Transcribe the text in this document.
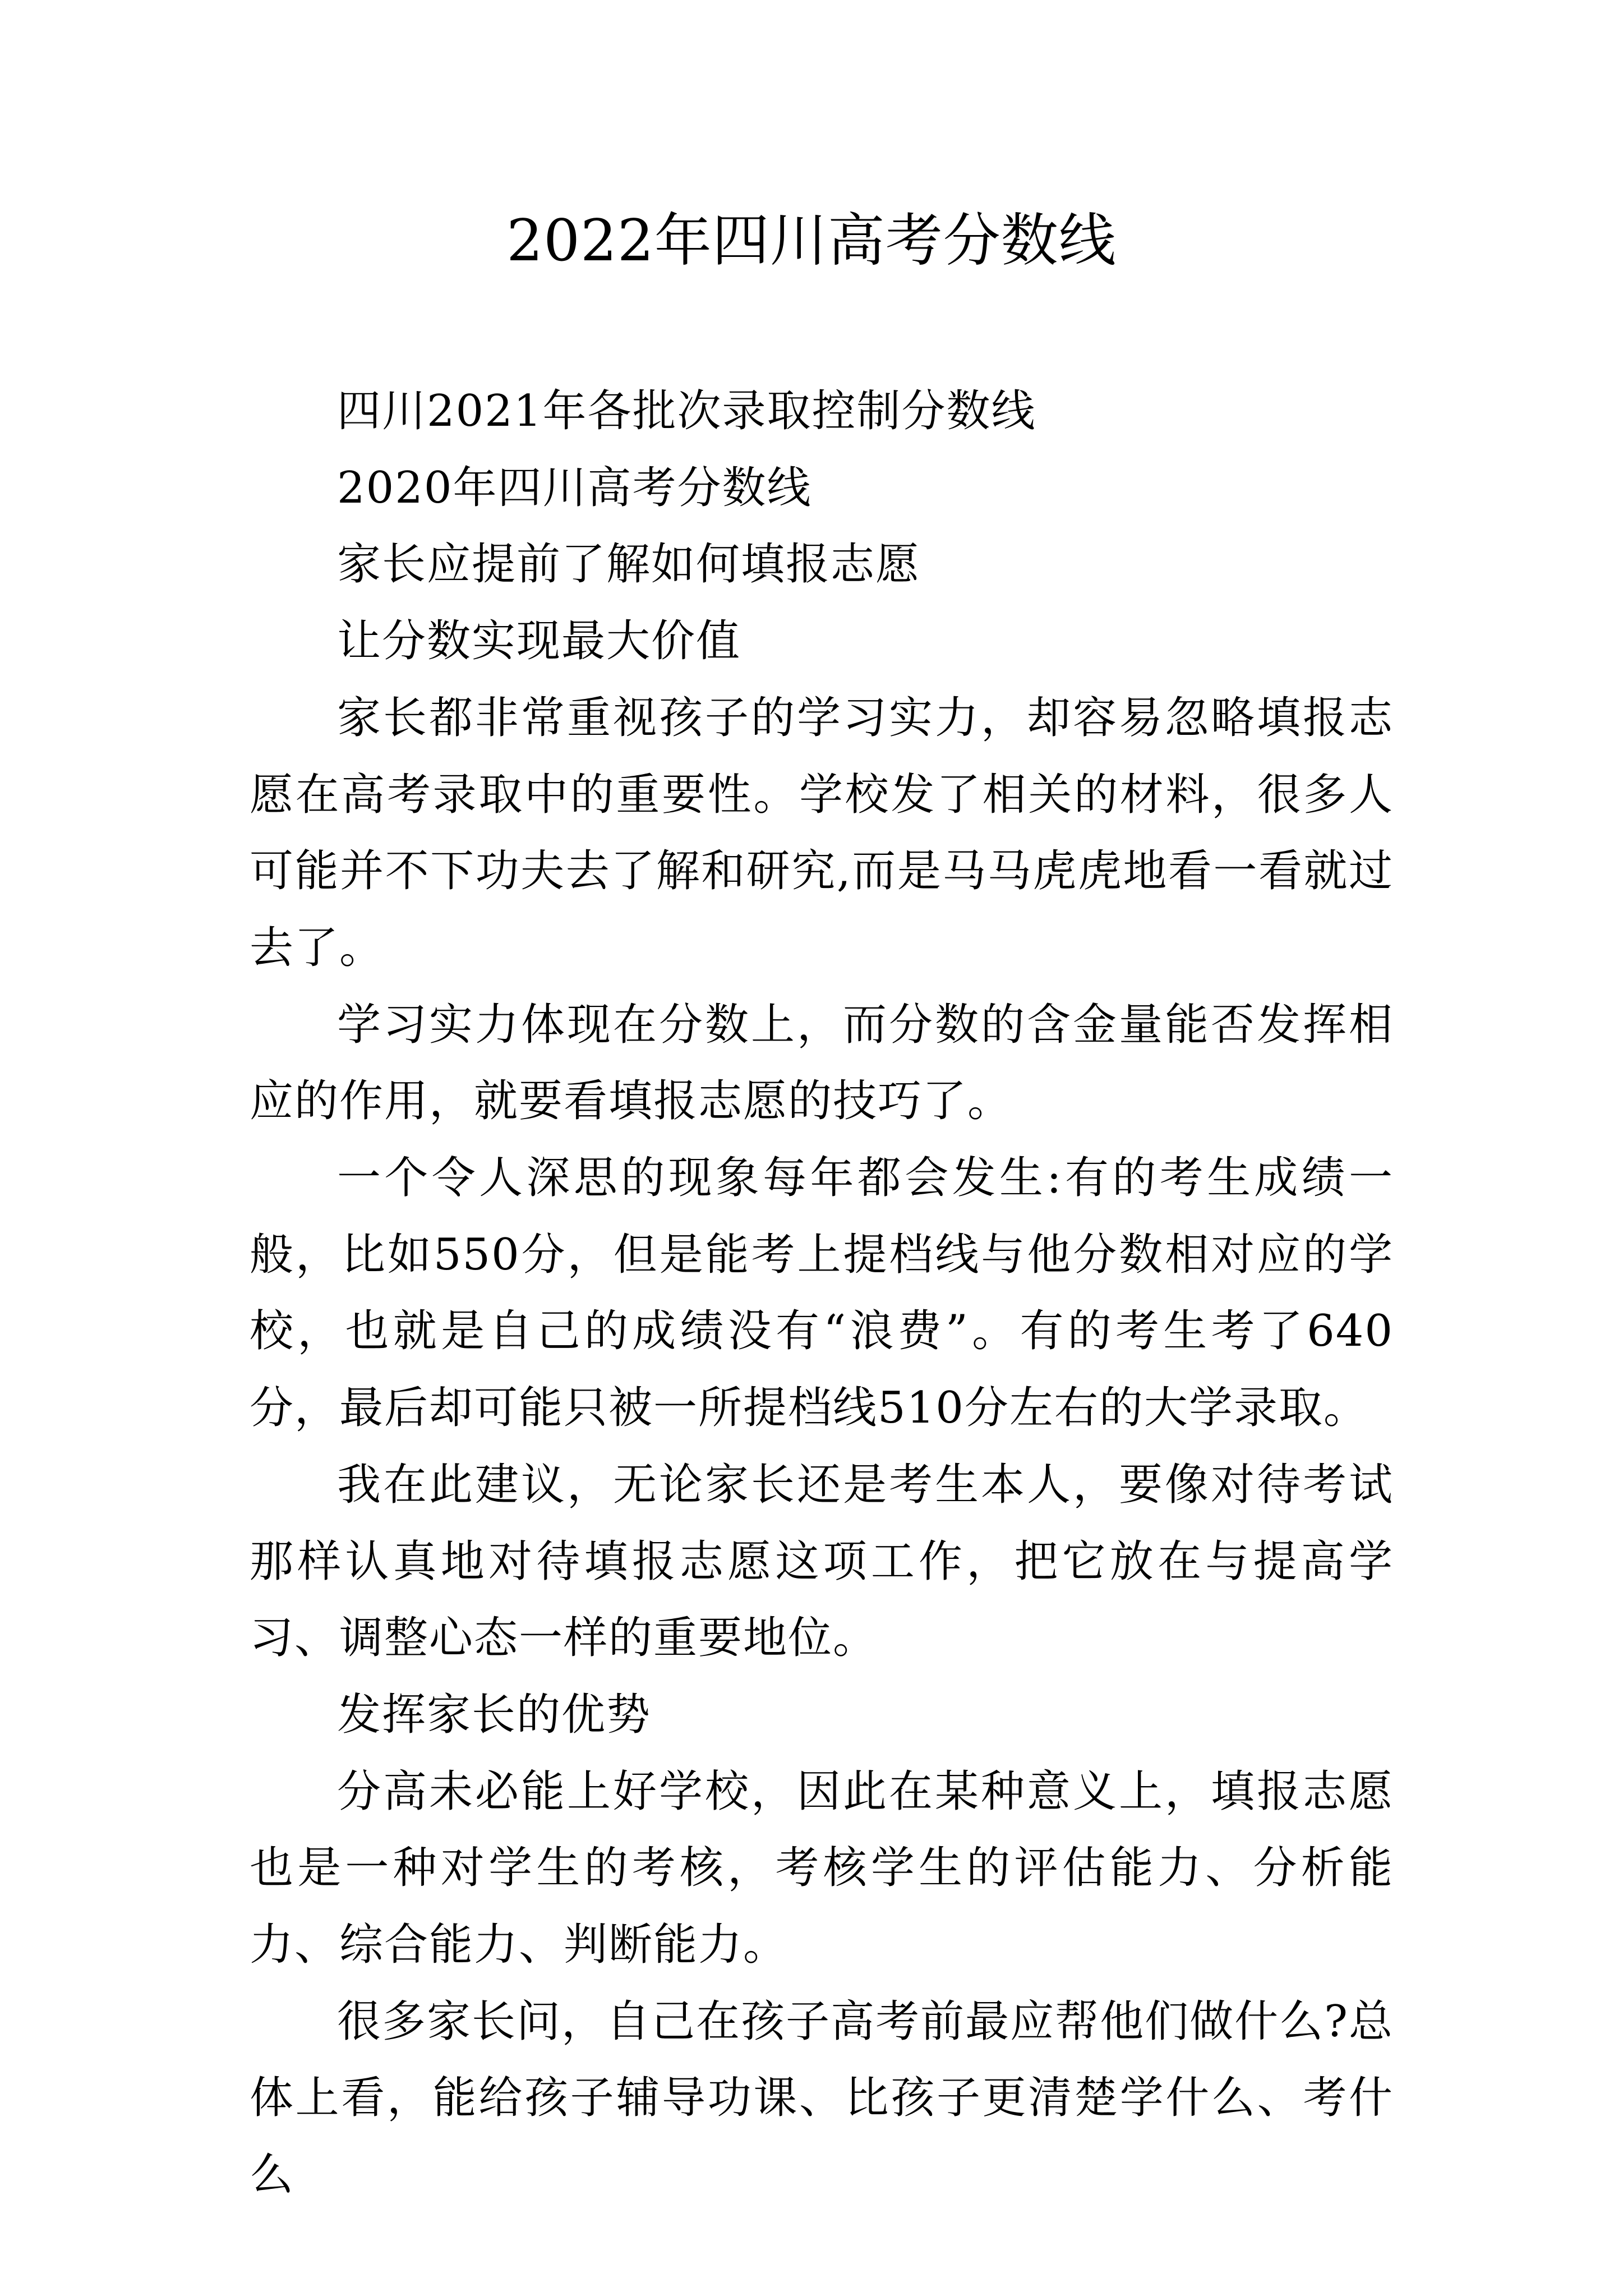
2022年四川高考分数线

四川2021年各批次录取控制分数线

2020年四川高考分数线

家长应提前了解如何填报志愿

让分数实现最大价值

家长都非常重视孩子的学习实力，却容易忽略填报志愿在高考录取中的重要性。学校发了相关的材料，很多人可能并不下功夫去了解和研究,而是马马虎虎地看一看就过去了。

学习实力体现在分数上，而分数的含金量能否发挥相应的作用，就要看填报志愿的技巧了。

一个令人深思的现象每年都会发生:有的考生成绩一般，比如550分，但是能考上提档线与他分数相对应的学校，也就是自己的成绩没有“浪费”。有的考生考了640分，最后却可能只被一所提档线510分左右的大学录取。

我在此建议，无论家长还是考生本人，要像对待考试那样认真地对待填报志愿这项工作，把它放在与提高学习、调整心态一样的重要地位。

发挥家长的优势

分高未必能上好学校，因此在某种意义上，填报志愿也是一种对学生的考核，考核学生的评估能力、分析能力、综合能力、判断能力。

很多家长问，自己在孩子高考前最应帮他们做什么?总体上看，能给孩子辅导功课、比孩子更清楚学什么、考什么
